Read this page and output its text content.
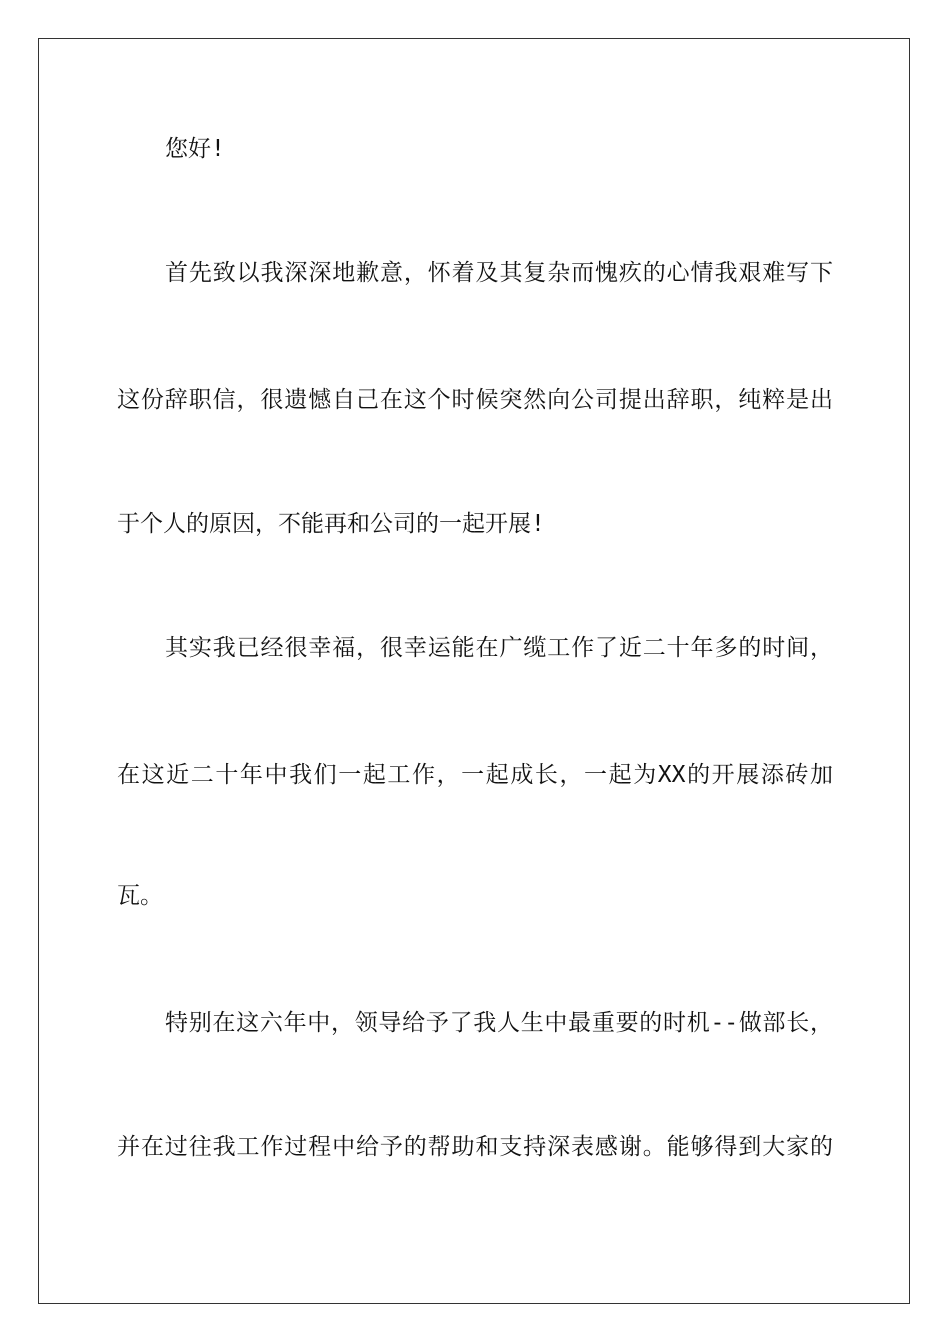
您好!

首先致以我深深地歉意，怀着及其复杂而愧疚的心情我艰难写下

这份辞职信，很遗憾自己在这个时候突然向公司提出辞职，纯粹是出

于个人的原因，不能再和公司的一起开展!

其实我已经很幸福，很幸运能在广缆工作了近二十年多的时间，

在这近二十年中我们一起工作，一起成长，一起为XX的开展添砖加

瓦。

特别在这六年中，领导给予了我人生中最重要的时机--做部长，

并在过往我工作过程中给予的帮助和支持深表感谢。能够得到大家的
